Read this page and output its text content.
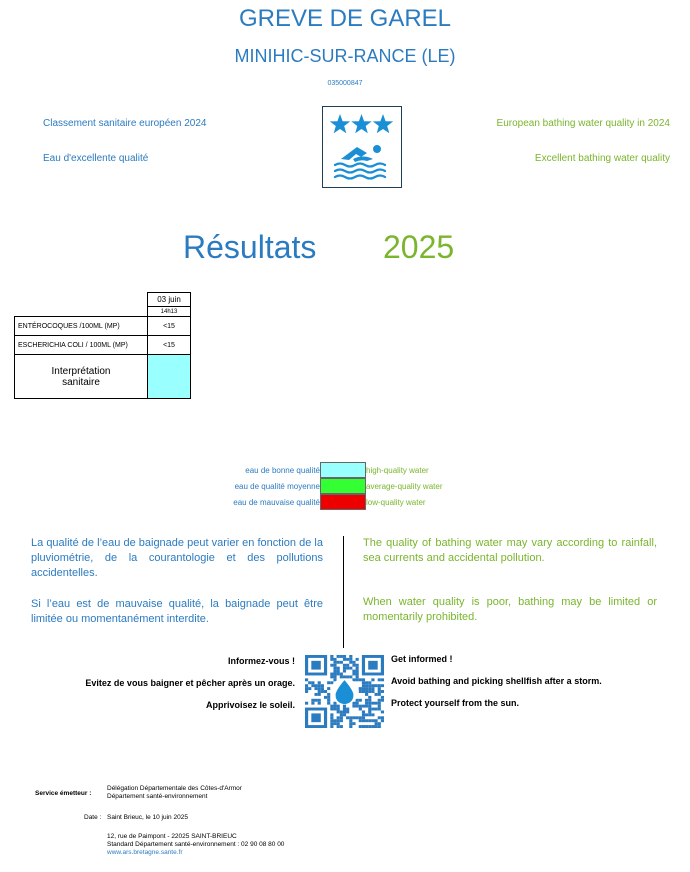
GREVE DE GAREL
MINIHIC-SUR-RANCE (LE)
035000847
Classement sanitaire européen 2024
Eau d'excellente qualité
European bathing water quality in 2024
Excellent bathing water quality
Résultats 2025
	03 juin
	14h13
ENTÉROCOQUES /100ML (MP)	<15
ESCHERICHIA COLI / 100ML (MP)	<15
Interprétation sanitaire	
eau de bonne qualité	high-quality water
eau de qualité moyenne	average-quality water
eau de mauvaise qualité	low-quality water
La qualité de l’eau de baignade peut varier en fonction de la pluviométrie, de la courantologie et des pollutions accidentelles.
Si l’eau est de mauvaise qualité, la baignade peut être limitée ou momentanément interdite.
The quality of bathing water may vary according to rainfall, sea currents and accidental pollution.
When water quality is poor, bathing may be limited or momentarily prohibited.
Informez-vous !
Evitez de vous baigner et pêcher après un orage.
Apprivoisez le soleil.
Get informed !
Avoid bathing and picking shellfish after a storm.
Protect yourself from the sun.
Service émetteur :
Délégation Départementale des Côtes-d'Armor
Département santé-environnement
Date : Saint Brieuc, le 10 juin 2025
12, rue de Paimpont - 22025 SAINT-BRIEUC
Standard Département santé-environnement : 02 90 08 80 00
www.ars.bretagne.sante.fr
